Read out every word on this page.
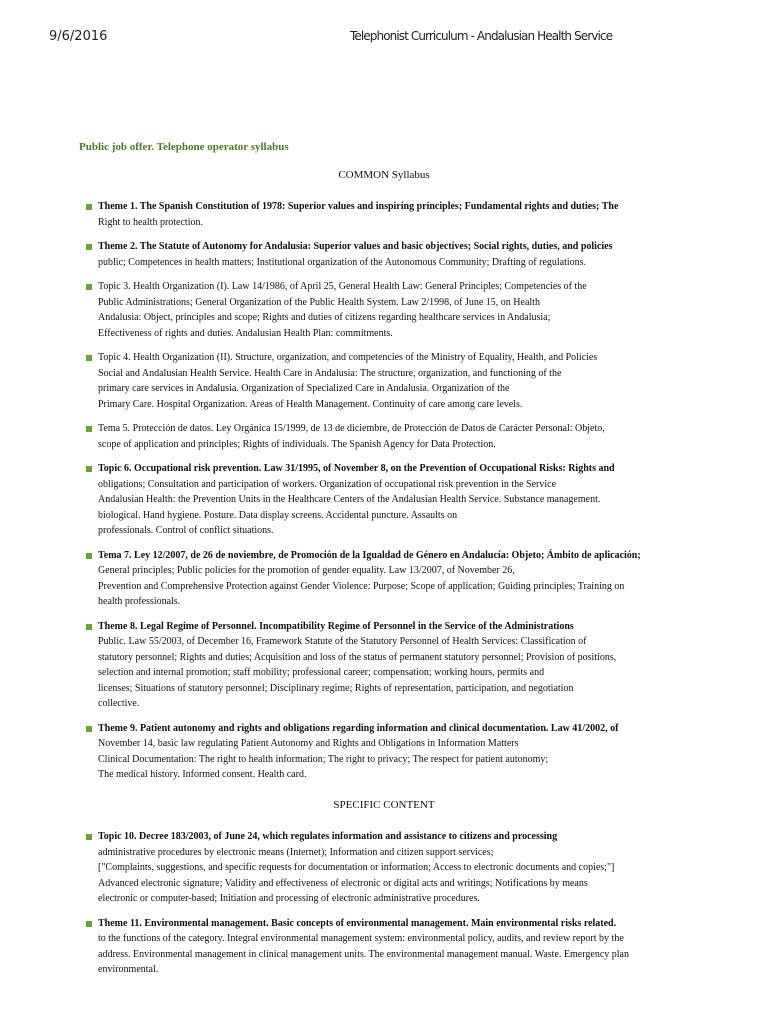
9/6/2016	Telephonist Curriculum - Andalusian Health Service
Public job offer. Telephone operator syllabus
COMMON Syllabus
Theme 1. The Spanish Constitution of 1978: Superior values and inspiring principles; Fundamental rights and duties; The
Right to health protection.
Theme 2. The Statute of Autonomy for Andalusia: Superior values and basic objectives; Social rights, duties, and policies
public; Competences in health matters; Institutional organization of the Autonomous Community; Drafting of regulations.
Topic 3. Health Organization (I). Law 14/1986, of April 25, General Health Law: General Principles; Competencies of the
Public Administrations; General Organization of the Public Health System. Law 2/1998, of June 15, on Health
Andalusia: Object, principles and scope; Rights and duties of citizens regarding healthcare services in Andalusia;
Effectiveness of rights and duties. Andalusian Health Plan: commitments.
Topic 4. Health Organization (II). Structure, organization, and competencies of the Ministry of Equality, Health, and Policies
Social and Andalusian Health Service. Health Care in Andalusia: The structure, organization, and functioning of the
primary care services in Andalusia. Organization of Specialized Care in Andalusia. Organization of the
Primary Care. Hospital Organization. Areas of Health Management. Continuity of care among care levels.
Tema 5. Protección de datos. Ley Orgánica 15/1999, de 13 de diciembre, de Protección de Datos de Carácter Personal: Objeto,
scope of application and principles; Rights of individuals. The Spanish Agency for Data Protection.
Topic 6. Occupational risk prevention. Law 31/1995, of November 8, on the Prevention of Occupational Risks: Rights and
obligations; Consultation and participation of workers. Organization of occupational risk prevention in the Service
Andalusian Health: the Prevention Units in the Healthcare Centers of the Andalusian Health Service. Substance management.
biological. Hand hygiene. Posture. Data display screens. Accidental puncture. Assaults on
professionals. Control of conflict situations.
Tema 7. Ley 12/2007, de 26 de noviembre, de Promoción de la Igualdad de Género en Andalucía: Objeto; Ámbito de aplicación;
General principles; Public policies for the promotion of gender equality. Law 13/2007, of November 26,
Prevention and Comprehensive Protection against Gender Violence: Purpose; Scope of application; Guiding principles; Training on
health professionals.
Theme 8. Legal Regime of Personnel. Incompatibility Regime of Personnel in the Service of the Administrations
Public. Law 55/2003, of December 16, Framework Statute of the Statutory Personnel of Health Services: Classification of
statutory personnel; Rights and duties; Acquisition and loss of the status of permanent statutory personnel; Provision of positions,
selection and internal promotion; staff mobility; professional career; compensation; working hours, permits and
licenses; Situations of statutory personnel; Disciplinary regime; Rights of representation, participation, and negotiation
collective.
Theme 9. Patient autonomy and rights and obligations regarding information and clinical documentation. Law 41/2002, of
November 14, basic law regulating Patient Autonomy and Rights and Obligations in Information Matters
Clinical Documentation: The right to health information; The right to privacy; The respect for patient autonomy;
The medical history. Informed consent. Health card.
SPECIFIC CONTENT
Topic 10. Decree 183/2003, of June 24, which regulates information and assistance to citizens and processing
administrative procedures by electronic means (Internet); Information and citizen support services;
["Complaints, suggestions, and specific requests for documentation or information; Access to electronic documents and copies;"]
Advanced electronic signature; Validity and effectiveness of electronic or digital acts and writings; Notifications by means
electronic or computer-based; Initiation and processing of electronic administrative procedures.
Theme 11. Environmental management. Basic concepts of environmental management. Main environmental risks related.
to the functions of the category. Integral environmental management system: environmental policy, audits, and review report by the
address. Environmental management in clinical management units. The environmental management manual. Waste. Emergency plan
environmental.
